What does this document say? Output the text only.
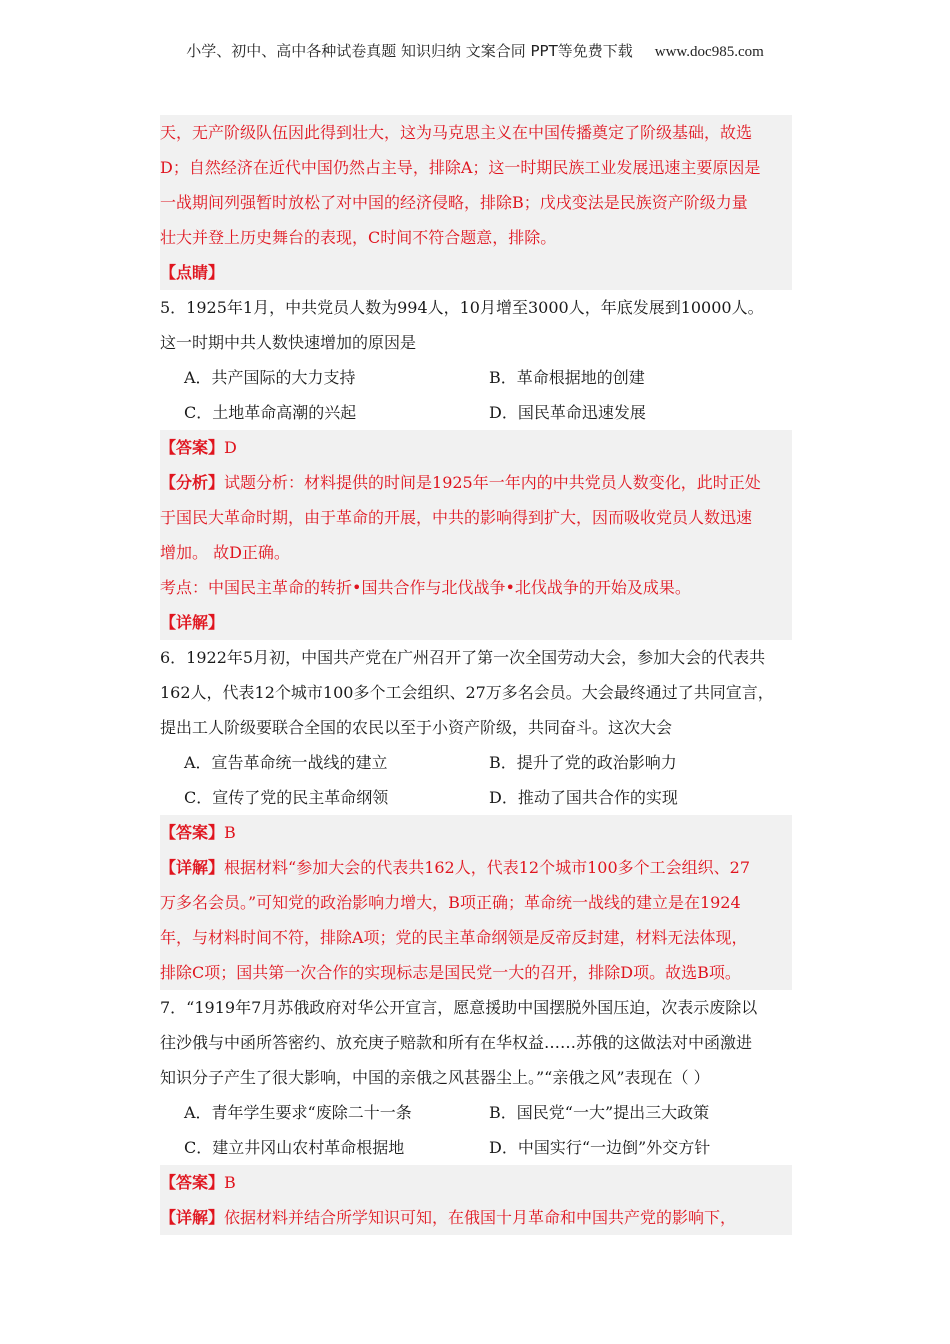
小学、初中、高中各种试卷真题 知识归纳 文案合同 PPT等免费下载 www.doc985.com
天，无产阶级队伍因此得到壮大，这为马克思主义在中国传播奠定了阶级基础，故选
D；自然经济在近代中国仍然占主导，排除A；这一时期民族工业发展迅速主要原因是
一战期间列强暂时放松了对中国的经济侵略，排除B；戊戌变法是民族资产阶级力量
壮大并登上历史舞台的表现，C时间不符合题意，排除。
【点睛】
5．1925年1月，中共党员人数为994人，10月增至3000人，年底发展到10000人。
这一时期中共人数快速增加的原因是
A．共产国际的大力支持	B．革命根据地的创建
C．土地革命高潮的兴起	D．国民革命迅速发展
【答案】D
【分析】试题分析：材料提供的时间是1925年一年内的中共党员人数变化，此时正处
于国民大革命时期，由于革命的开展，中共的影响得到扩大，因而吸收党员人数迅速
增加。 故D正确。
考点：中国民主革命的转折•国共合作与北伐战争•北伐战争的开始及成果。
【详解】
6．1922年5月初，中国共产党在广州召开了第一次全国劳动大会，参加大会的代表共
162人，代表12个城市100多个工会组织、27万多名会员。大会最终通过了共同宣言，
提出工人阶级要联合全国的农民以至于小资产阶级，共同奋斗。这次大会
A．宣告革命统一战线的建立	B．提升了党的政治影响力
C．宣传了党的民主革命纲领	D．推动了国共合作的实现
【答案】B
【详解】根据材料“参加大会的代表共162人，代表12个城市100多个工会组织、27
万多名会员。”可知党的政治影响力增大，B项正确；革命统一战线的建立是在1924
年，与材料时间不符，排除A项；党的民主革命纲领是反帝反封建，材料无法体现，
排除C项；国共第一次合作的实现标志是国民党一大的召开，排除D项。故选B项。
7．“1919年7月苏俄政府对华公开宣言，愿意援助中国摆脱外国压迫，次表示废除以
往沙俄与中函所答密约、放充庚子赔款和所有在华权益……苏俄的这做法对中函激进
知识分子产生了很大影响，中国的亲俄之风甚器尘上。”“亲俄之风”表现在（ ）
A．青年学生要求“废除二十一条	B．国民党“一大”提出三大政策
C．建立井冈山农村革命根据地	D．中国实行“一边倒”外交方针
【答案】B
【详解】依据材料并结合所学知识可知，在俄国十月革命和中国共产党的影响下，
